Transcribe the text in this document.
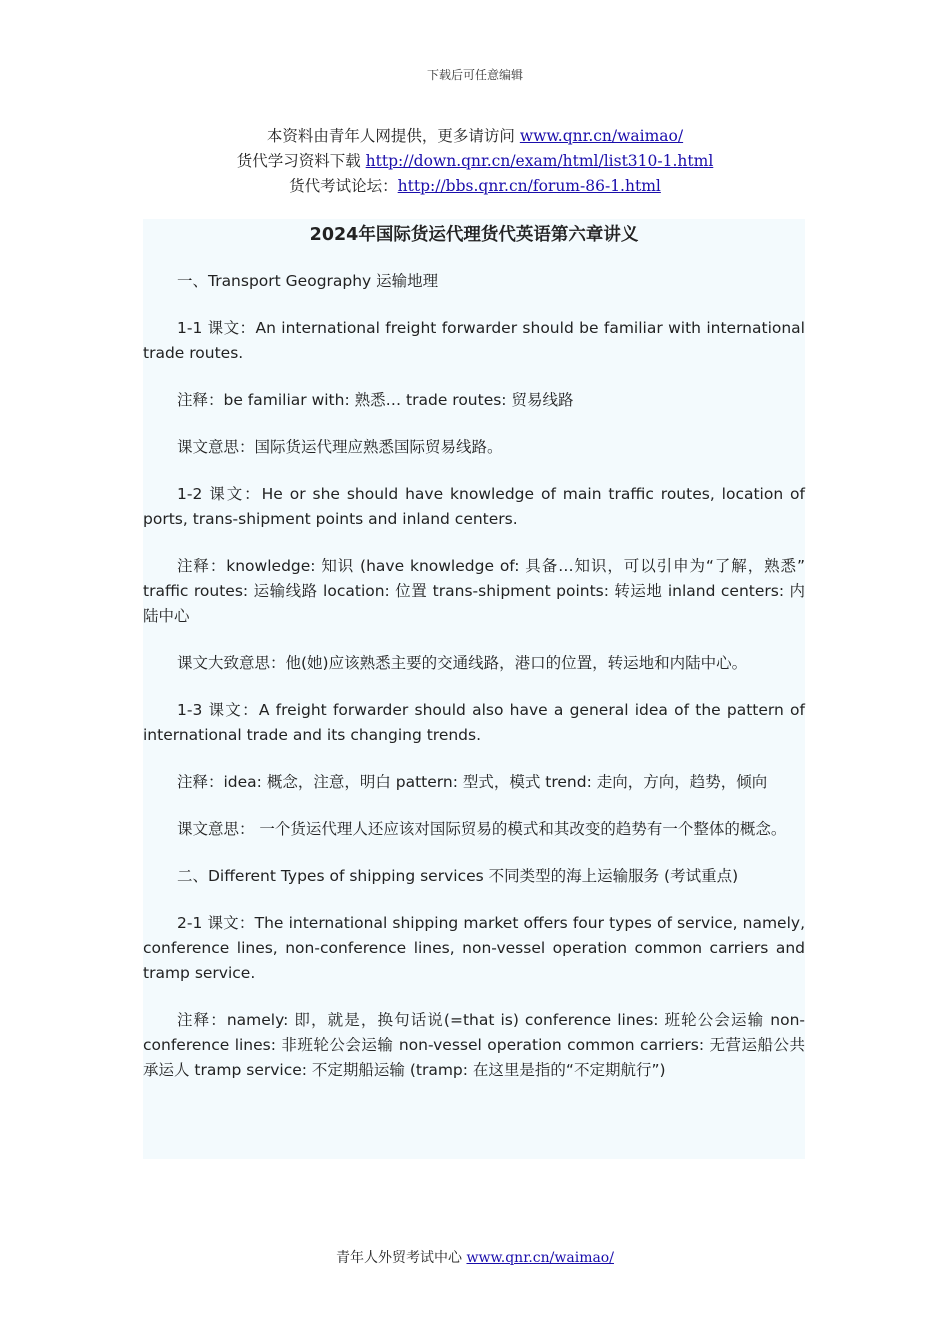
下载后可任意编辑
本资料由青年人网提供，更多请访问 www.qnr.cn/waimao/
货代学习资料下载 http://down.qnr.cn/exam/html/list310-1.html
货代考试论坛：http://bbs.qnr.cn/forum-86-1.html
2024年国际货运代理货代英语第六章讲义

一、Transport Geography 运输地理

1-1 课文：An international freight forwarder should be familiar with international trade routes.

注释：be familiar with: 熟悉… trade routes: 贸易线路

课文意思：国际货运代理应熟悉国际贸易线路。

1-2 课文：He or she should have knowledge of main traffic routes, location of ports, trans-shipment points and inland centers.

注释：knowledge: 知识 (have knowledge of: 具备…知识，可以引申为“了解，熟悉” traffic routes: 运输线路 location: 位置 trans-shipment points: 转运地 inland centers: 内陆中心

课文大致意思：他(她)应该熟悉主要的交通线路，港口的位置，转运地和内陆中心。

1-3 课文：A freight forwarder should also have a general idea of the pattern of international trade and its changing trends.

注释：idea: 概念，注意，明白 pattern: 型式，模式 trend: 走向，方向，趋势，倾向

课文意思： 一个货运代理人还应该对国际贸易的模式和其改变的趋势有一个整体的概念。

二、Different Types of shipping services 不同类型的海上运输服务 (考试重点)

2-1 课文：The international shipping market offers four types of service, namely, conference lines, non-conference lines, non-vessel operation common carriers and tramp service.

注释：namely: 即，就是，换句话说(=that is) conference lines: 班轮公会运输 non-conference lines: 非班轮公会运输 non-vessel operation common carriers: 无营运船公共承运人 tramp service: 不定期船运输 (tramp: 在这里是指的“不定期航行”)

青年人外贸考试中心 www.qnr.cn/waimao/
